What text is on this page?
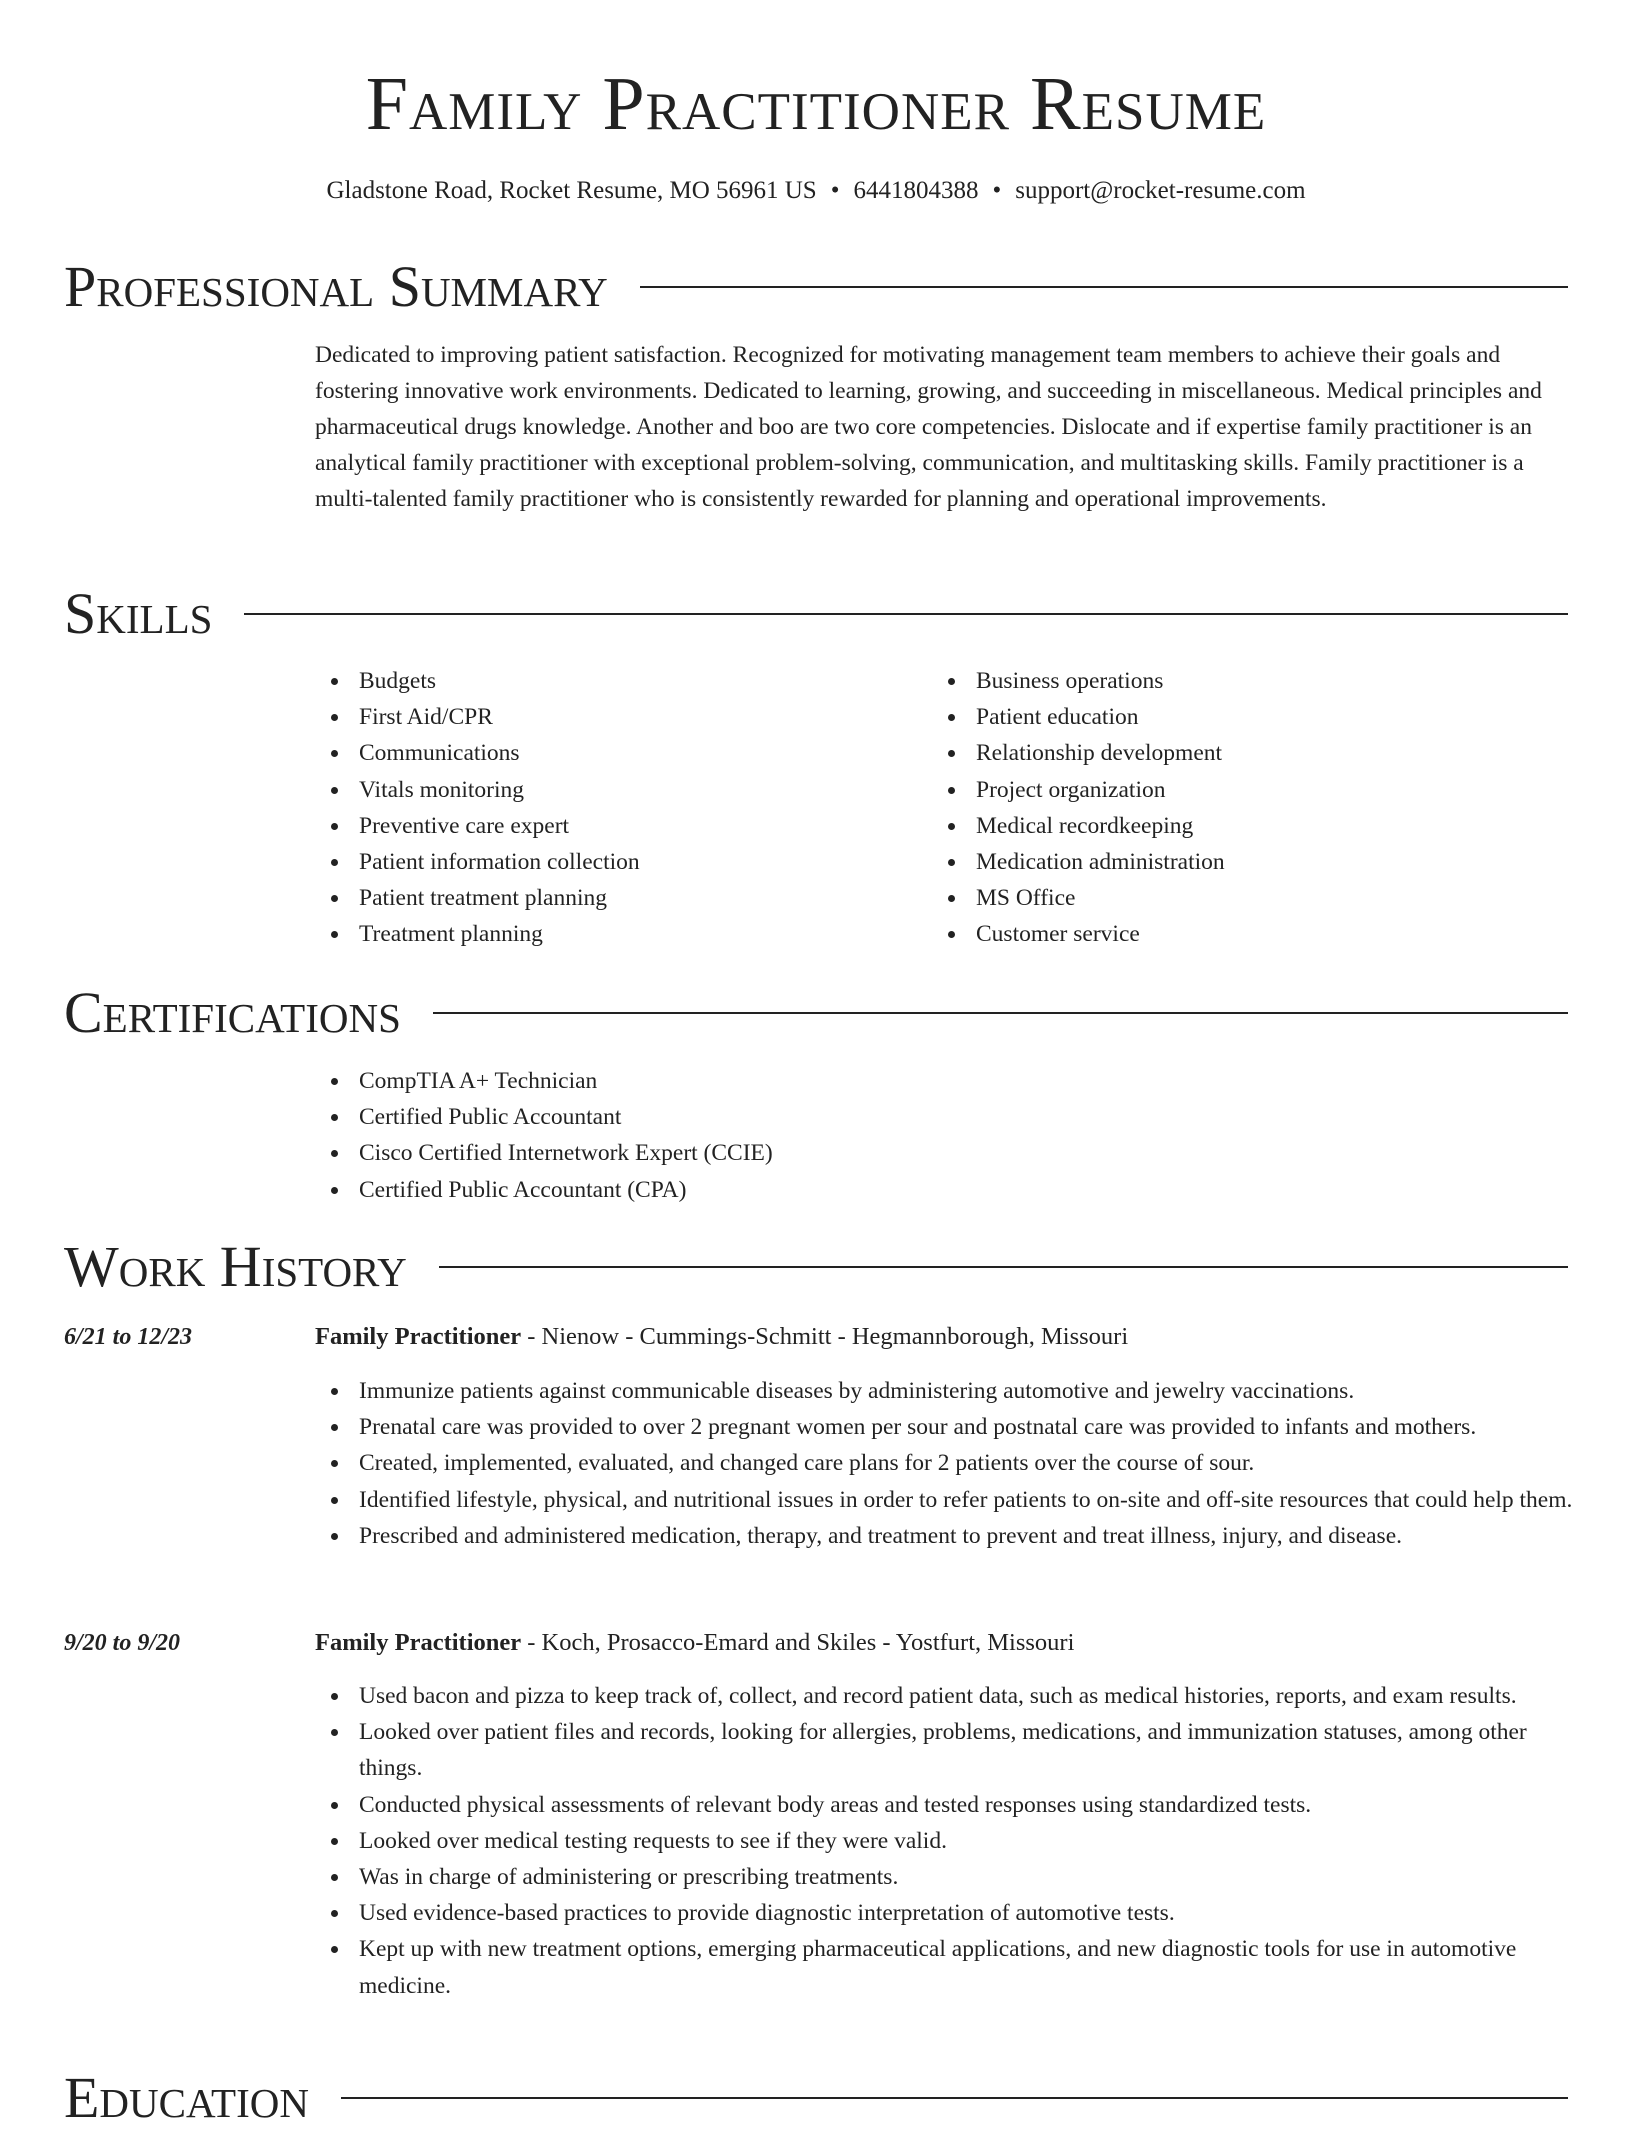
Family Practitioner Resume
Gladstone Road, Rocket Resume, MO 56961 US • 6441804388 • support@rocket-resume.com
Professional Summary
Dedicated to improving patient satisfaction. Recognized for motivating management team members to achieve their goals and fostering innovative work environments. Dedicated to learning, growing, and succeeding in miscellaneous. Medical principles and pharmaceutical drugs knowledge. Another and boo are two core competencies. Dislocate and if expertise family practitioner is an analytical family practitioner with exceptional problem-solving, communication, and multitasking skills. Family practitioner is a multi-talented family practitioner who is consistently rewarded for planning and operational improvements.
Skills
Budgets
First Aid/CPR
Communications
Vitals monitoring
Preventive care expert
Patient information collection
Patient treatment planning
Treatment planning
Business operations
Patient education
Relationship development
Project organization
Medical recordkeeping
Medication administration
MS Office
Customer service
Certifications
CompTIA A+ Technician
Certified Public Accountant
Cisco Certified Internetwork Expert (CCIE)
Certified Public Accountant (CPA)
Work History
6/21 to 12/23	Family Practitioner - Nienow - Cummings-Schmitt - Hegmannborough, Missouri
Immunize patients against communicable diseases by administering automotive and jewelry vaccinations.
Prenatal care was provided to over 2 pregnant women per sour and postnatal care was provided to infants and mothers.
Created, implemented, evaluated, and changed care plans for 2 patients over the course of sour.
Identified lifestyle, physical, and nutritional issues in order to refer patients to on-site and off-site resources that could help them.
Prescribed and administered medication, therapy, and treatment to prevent and treat illness, injury, and disease.
9/20 to 9/20	Family Practitioner - Koch, Prosacco-Emard and Skiles - Yostfurt, Missouri
Used bacon and pizza to keep track of, collect, and record patient data, such as medical histories, reports, and exam results.
Looked over patient files and records, looking for allergies, problems, medications, and immunization statuses, among other things.
Conducted physical assessments of relevant body areas and tested responses using standardized tests.
Looked over medical testing requests to see if they were valid.
Was in charge of administering or prescribing treatments.
Used evidence-based practices to provide diagnostic interpretation of automotive tests.
Kept up with new treatment options, emerging pharmaceutical applications, and new diagnostic tools for use in automotive medicine.
Education
